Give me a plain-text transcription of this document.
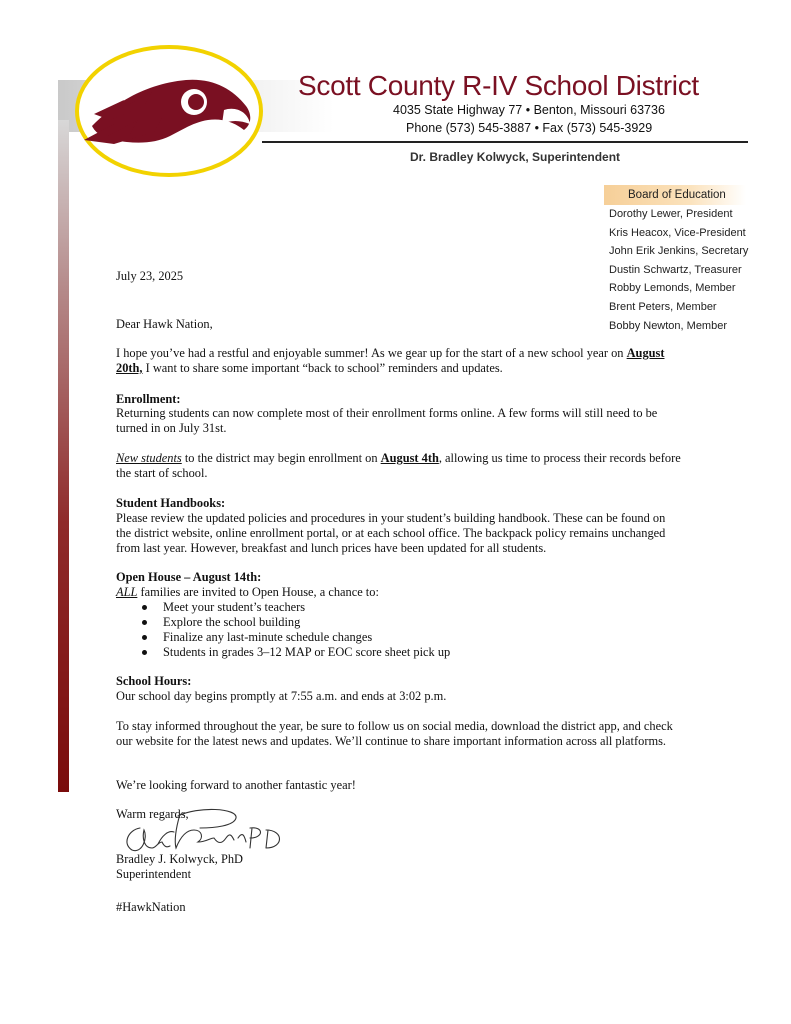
Scott County R-IV School District
4035 State Highway 77 • Benton, Missouri 63736
Phone (573) 545-3887 • Fax (573) 545-3929
Dr. Bradley Kolwyck, Superintendent
Board of Education
Dorothy Lewer, President
Kris Heacox, Vice-President
John Erik Jenkins, Secretary
Dustin Schwartz, Treasurer
Robby Lemonds, Member
Brent Peters, Member
Bobby Newton, Member
July 23, 2025
Dear Hawk Nation,
I hope you’ve had a restful and enjoyable summer! As we gear up for the start of a new school year on August 20th, I want to share some important “back to school” reminders and updates.
Enrollment:
Returning students can now complete most of their enrollment forms online. A few forms will still need to be turned in on July 31st.
New students to the district may begin enrollment on August 4th, allowing us time to process their records before the start of school.
Student Handbooks:
Please review the updated policies and procedures in your student’s building handbook. These can be found on the district website, online enrollment portal, or at each school office. The backpack policy remains unchanged from last year. However, breakfast and lunch prices have been updated for all students.
Open House – August 14th:
ALL families are invited to Open House, a chance to:
Meet your student’s teachers
Explore the school building
Finalize any last-minute schedule changes
Students in grades 3–12 MAP or EOC score sheet pick up
School Hours:
Our school day begins promptly at 7:55 a.m. and ends at 3:02 p.m.
To stay informed throughout the year, be sure to follow us on social media, download the district app, and check our website for the latest news and updates. We’ll continue to share important information across all platforms.
We’re looking forward to another fantastic year!
Warm regards,
Bradley J. Kolwyck, PhD
Superintendent
#HawkNation
